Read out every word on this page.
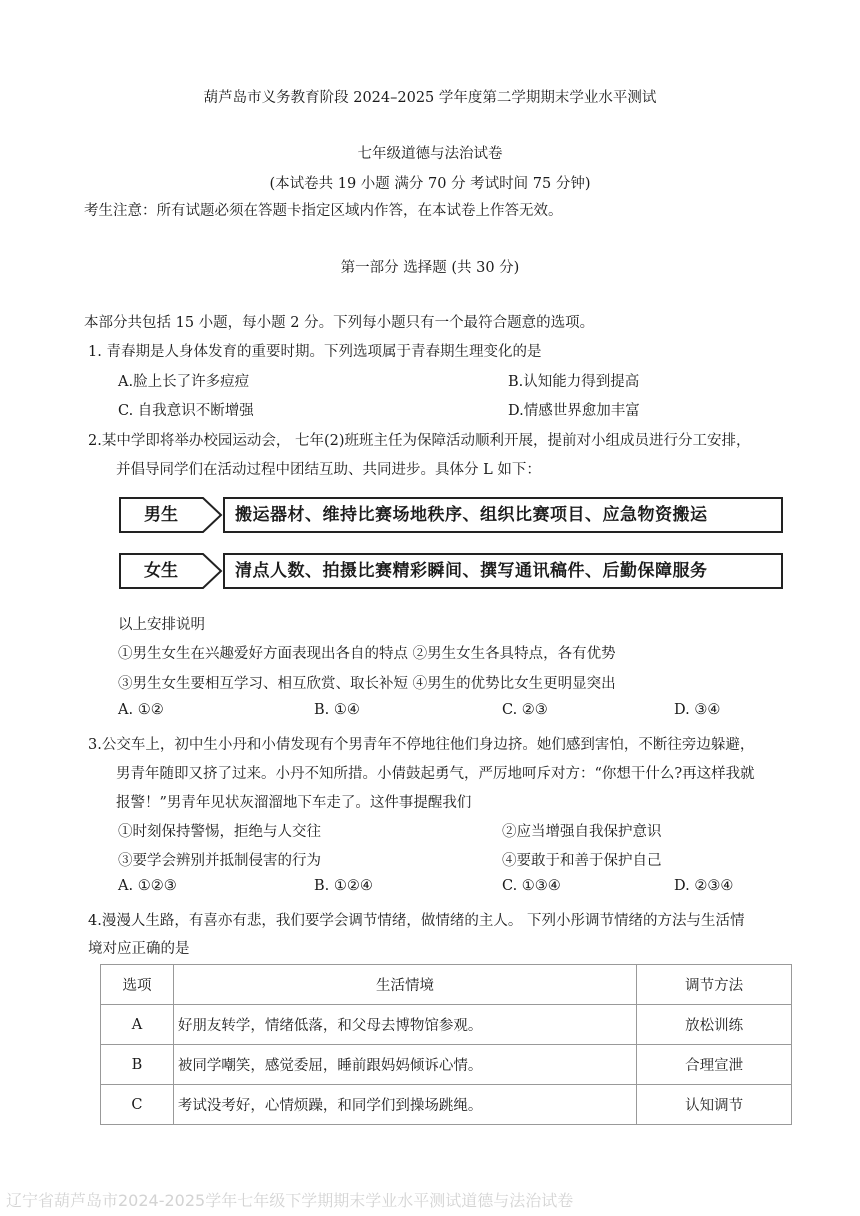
葫芦岛市义务教育阶段 2024–2025 学年度第二学期期末学业水平测试
七年级道德与法治试卷
(本试卷共 19 小题 满分 70 分 考试时间 75 分钟)
考生注意：所有试题必须在答题卡指定区域内作答，在本试卷上作答无效。
第一部分 选择题 (共 30 分)
本部分共包括 15 小题，每小题 2 分。下列每小题只有一个最符合题意的选项。
1. 青春期是人身体发育的重要时期。下列选项属于青春期生理变化的是
A.脸上长了许多痘痘	B.认知能力得到提高
C. 自我意识不断增强	D.情感世界愈加丰富
2.某中学即将举办校园运动会， 七年(2)班班主任为保障活动顺利开展，提前对小组成员进行分工安排，
并倡导同学们在活动过程中团结互助、共同进步。具体分 L 如下：
男生	搬运器材、维持比赛场地秩序、组织比赛项目、应急物资搬运
女生	清点人数、拍摄比赛精彩瞬间、撰写通讯稿件、后勤保障服务
以上安排说明
①男生女生在兴趣爱好方面表现出各自的特点 ②男生女生各具特点，各有优势
③男生女生要相互学习、相互欣赏、取长补短 ④男生的优势比女生更明显突出
A. ①②	B. ①④	C. ②③	D. ③④
3.公交车上，初中生小丹和小倩发现有个男青年不停地往他们身边挤。她们感到害怕，不断往旁边躲避，
男青年随即又挤了过来。小丹不知所措。小倩鼓起勇气，严厉地呵斥对方：“你想干什么?再这样我就
报警！”男青年见状灰溜溜地下车走了。这件事提醒我们
①时刻保持警惕，拒绝与人交往	②应当增强自我保护意识
③要学会辨别并抵制侵害的行为	④要敢于和善于保护自己
A. ①②③	B. ①②④	C. ①③④	D. ②③④
4.漫漫人生路，有喜亦有悲，我们要学会调节情绪，做情绪的主人。 下列小彤调节情绪的方法与生活情
境对应正确的是
选项	生活情境	调节方法
A	好朋友转学，情绪低落，和父母去博物馆参观。	放松训练
B	被同学嘲笑，感觉委屈，睡前跟妈妈倾诉心情。	合理宣泄
C	考试没考好，心情烦躁，和同学们到操场跳绳。	认知调节
辽宁省葫芦岛市2024-2025学年七年级下学期期末学业水平测试道德与法治试卷
